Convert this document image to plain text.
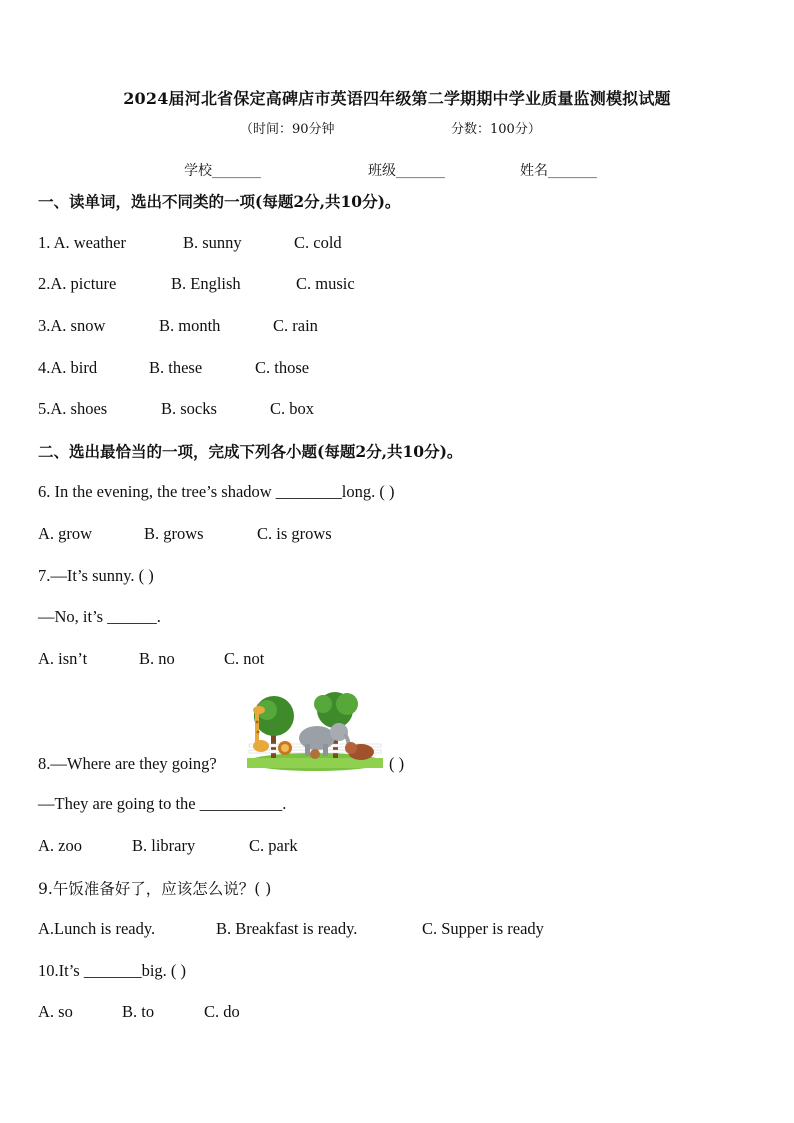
2024届河北省保定高碑店市英语四年级第二学期期中学业质量监测模拟试题
（时间：90分钟	分数：100分）
学校_______	班级_______	姓名_______
一、读单词，选出不同类的一项(每题2分,共10分)。
1. A. weather	B. sunny	C. cold
2.A. picture	B. English	C. music
3.A. snow	B. month	C. rain
4.A. bird	B. these	C. those
5.A. shoes	B. socks	C. box
二、选出最恰当的一项，完成下列各小题(每题2分,共10分)。
6. In the evening, the tree’s shadow ________long. ( )
A. grow	B. grows	C. is grows
7.—It’s sunny. ( )
—No, it’s ______.
A. isn’t	B. no	C. not
8.—Where are they going?	( )
—They are going to the __________.
A. zoo	B. library	C. park
9.午饭准备好了，应该怎么说？( )
A.Lunch is ready.	B. Breakfast is ready.	C. Supper is ready
10.It’s _______big. ( )
A. so	B. to	C. do
